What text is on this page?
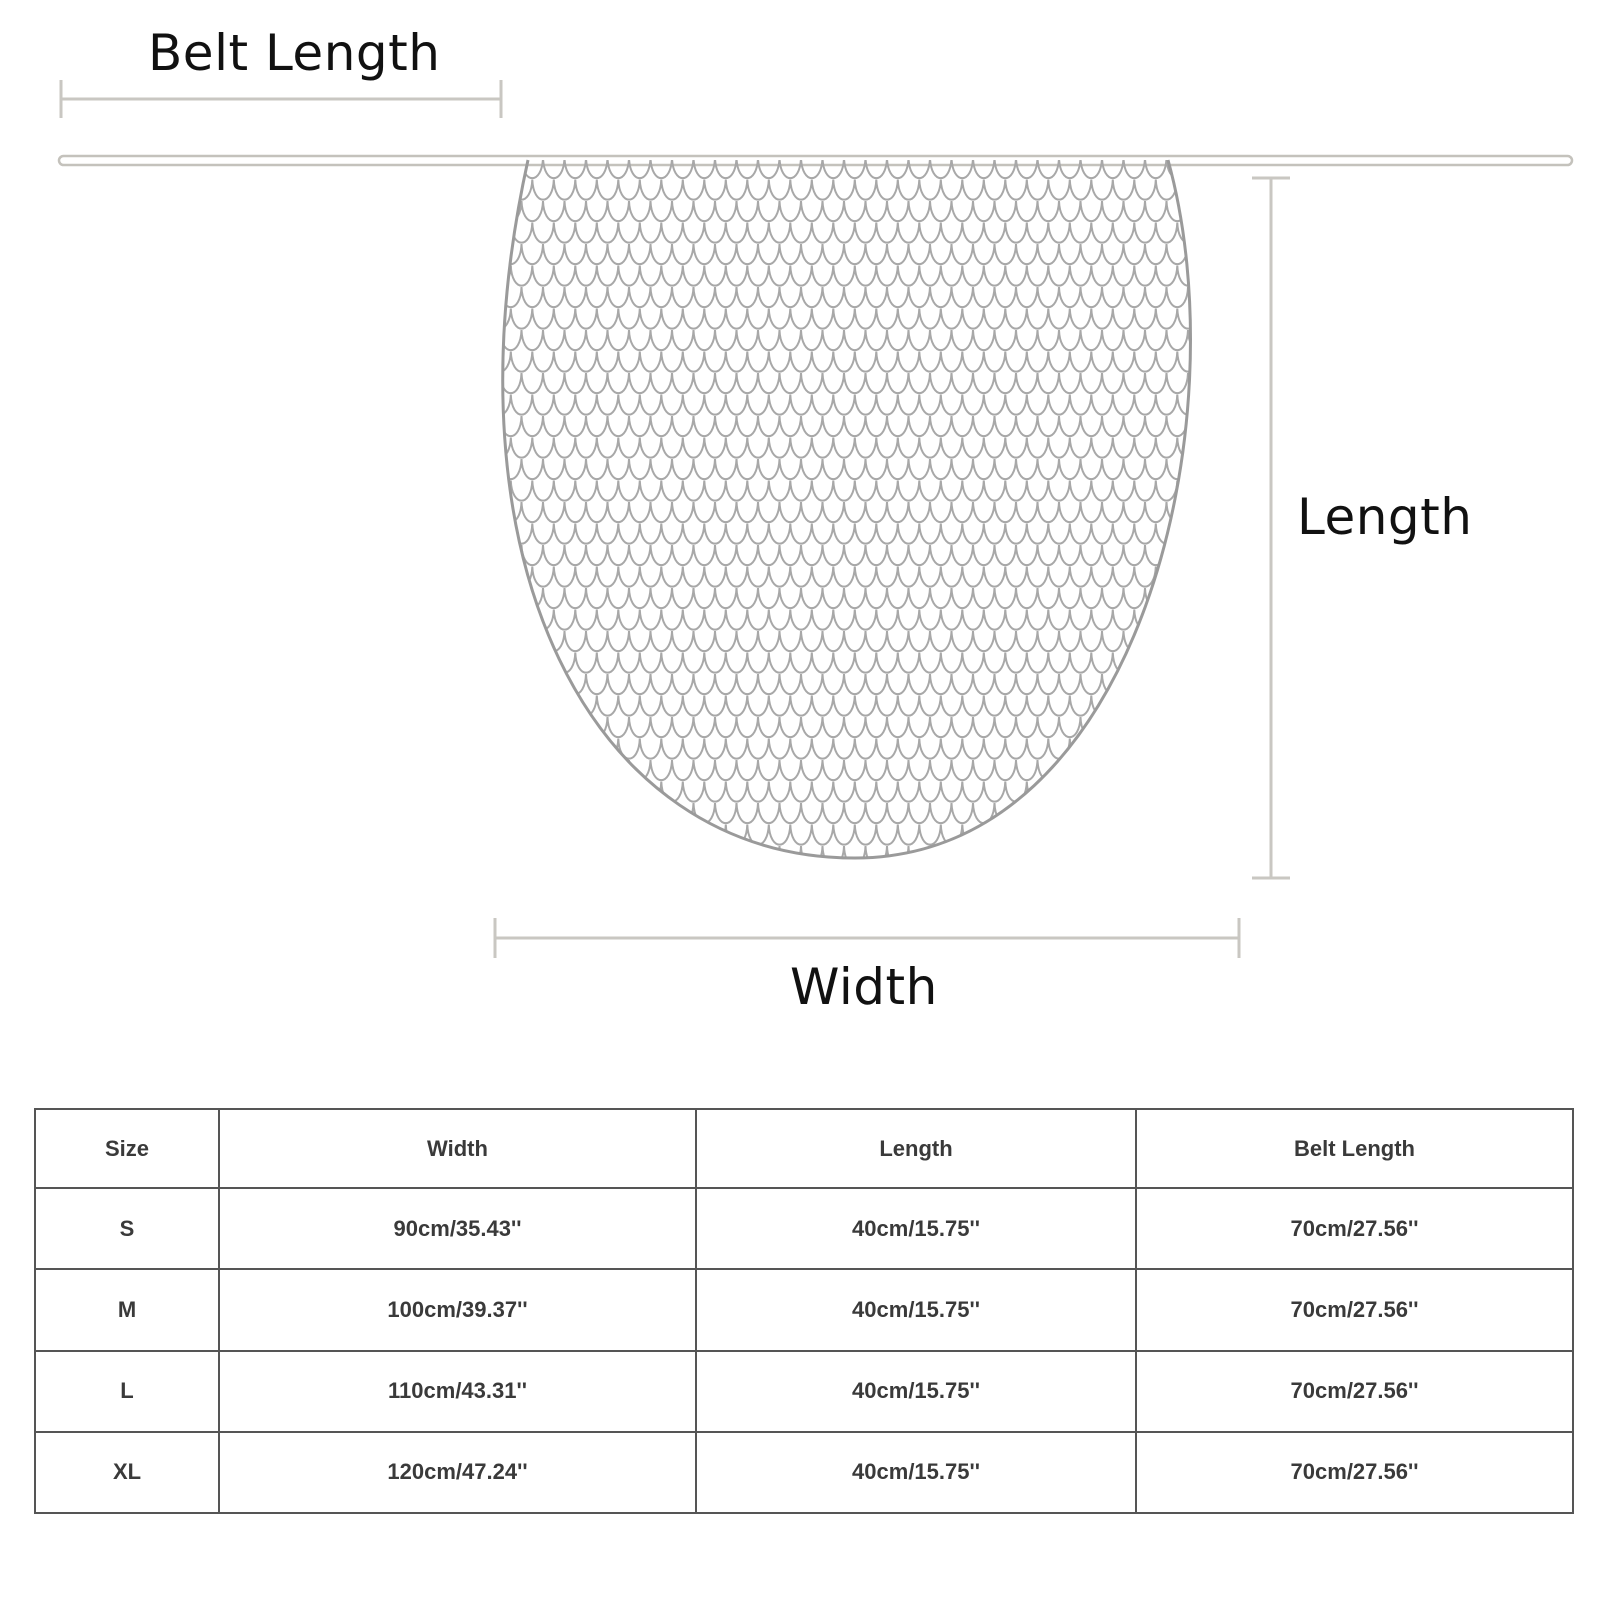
Belt Length
Length
Width
Size	Width	Length	Belt Length
S	90cm/35.43''	40cm/15.75''	70cm/27.56''
M	100cm/39.37''	40cm/15.75''	70cm/27.56''
L	110cm/43.31''	40cm/15.75''	70cm/27.56''
XL	120cm/47.24''	40cm/15.75''	70cm/27.56''
